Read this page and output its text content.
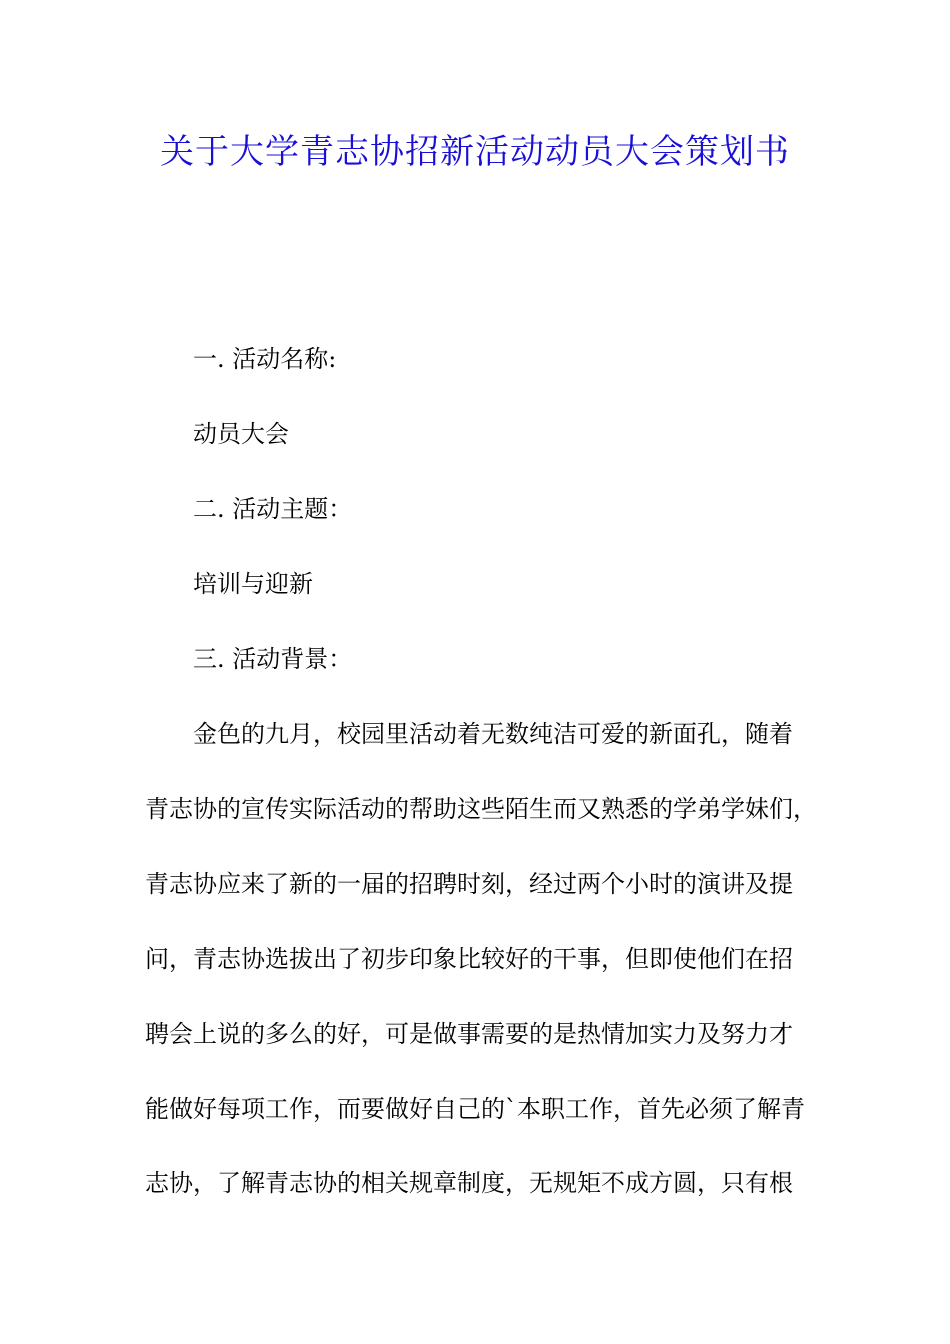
关于大学青志协招新活动动员大会策划书

一. 活动名称:

动员大会

二. 活动主题：

培训与迎新

三. 活动背景：

金色的九月，校园里活动着无数纯洁可爱的新面孔，随着

青志协的宣传实际活动的帮助这些陌生而又熟悉的学弟学妹们，

青志协应来了新的一届的招聘时刻，经过两个小时的演讲及提

问，青志协选拔出了初步印象比较好的干事，但即使他们在招

聘会上说的多么的好，可是做事需要的是热情加实力及努力才

能做好每项工作，而要做好自己的`本职工作，首先必须了解青

志协，了解青志协的相关规章制度，无规矩不成方圆，只有根
